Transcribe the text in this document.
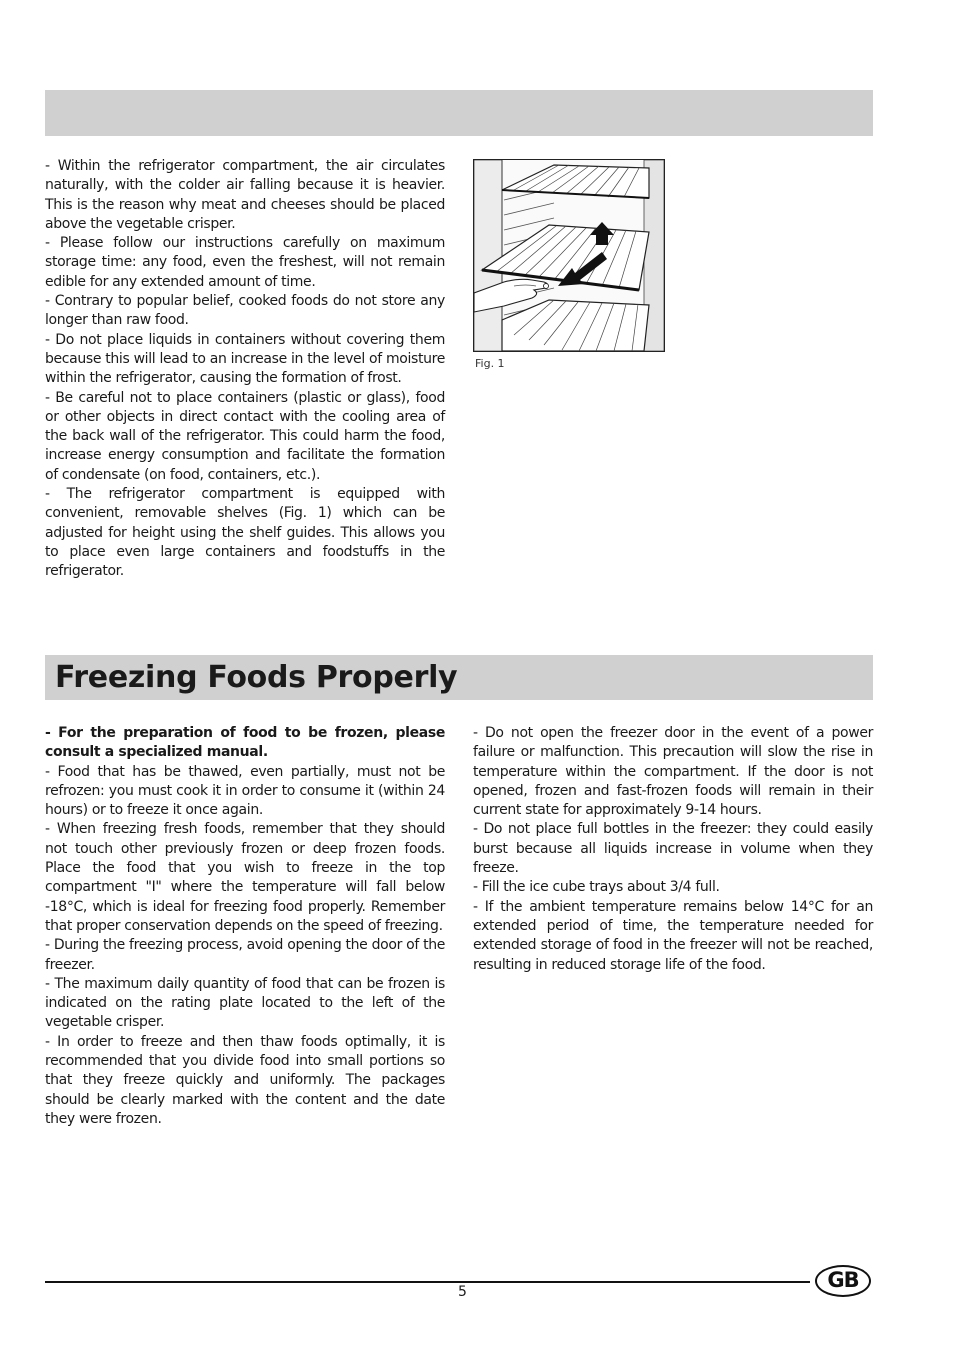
- Within the refrigerator compartment, the air circulates naturally, with the colder air falling because it is heavier. This is the reason why meat and cheeses should be placed above the vegetable crisper.

- Please follow our instructions carefully on maximum storage time: any food, even the freshest, will not remain edible for any extended amount of time.

- Contrary to popular belief, cooked foods do not store any longer than raw food.

- Do not place liquids in containers without covering them because this will lead to an increase in the level of moisture within the refrigerator, causing the formation of frost.

- Be careful not to place containers (plastic or glass), food or other objects in direct contact with the cooling area of the back wall of the refrigerator. This could harm the food, increase energy consumption and facilitate the formation of condensate (on food, containers, etc.).

- The refrigerator compartment is equipped with convenient, removable shelves (Fig. 1) which can be adjusted for height using the shelf guides. This allows you to place even large containers and foodstuffs in the refrigerator.

Fig. 1
Freezing Foods Properly

- For the preparation of food to be frozen, please consult a specialized manual.

- Food that has be thawed, even partially, must not be refrozen: you must cook it in order to consume it (within 24 hours) or to freeze it once again.

- When freezing fresh foods, remember that they should not touch other previously frozen or deep frozen foods. Place the food that you wish to freeze in the top compartment "I" where the temperature will fall below -18°C, which is ideal for freezing food properly. Remember that proper conservation depends on the speed of freezing.

- During the freezing process, avoid opening the door of the freezer.

- The maximum daily quantity of food that can be frozen is indicated on the rating plate located to the left of the vegetable crisper.

- In order to freeze and then thaw foods optimally, it is recommended that you divide food into small portions so that they freeze quickly and uniformly. The packages should be clearly marked with the content and the date they were frozen.

- Do not open the freezer door in the event of a power failure or malfunction. This precaution will slow the rise in temperature within the compartment. If the door is not opened, frozen and fast-frozen foods will remain in their current state for approximately 9-14 hours.

- Do not place full bottles in the freezer: they could easily burst because all liquids increase in volume when they freeze.

- Fill the ice cube trays about 3/4 full.

- If the ambient temperature remains below 14°C for an extended period of time, the temperature needed for extended storage of food in the freezer will not be reached, resulting in reduced storage life of the food.

5	GB
